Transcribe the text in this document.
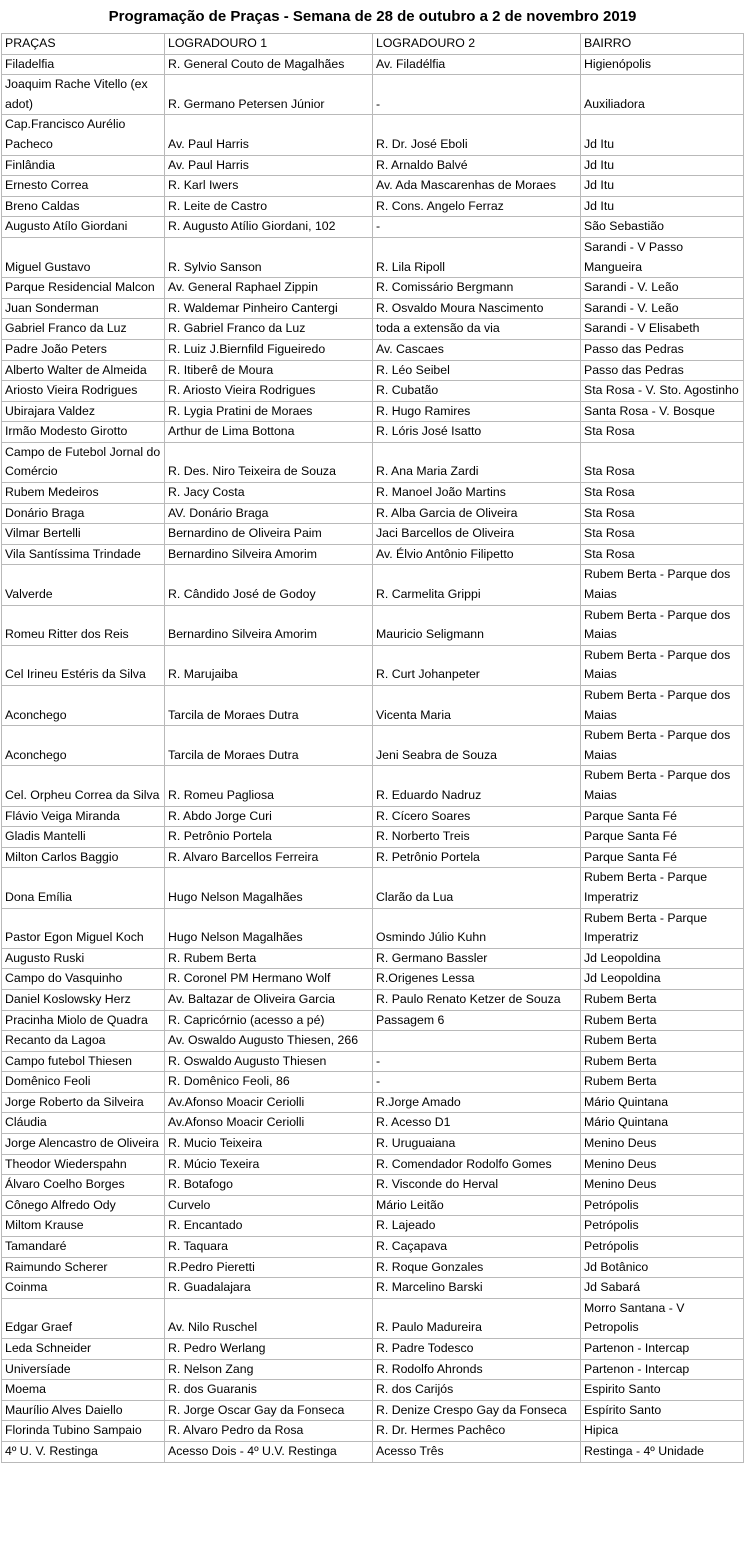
Programação de Praças - Semana de 28 de outubro a 2 de novembro 2019
PRAÇAS	LOGRADOURO 1	LOGRADOURO 2	BAIRRO
Filadelfia	R. General Couto de Magalhães	Av. Filadélfia	Higienópolis
Joaquim Rache Vitello (ex adot)	R. Germano Petersen Júnior	-	Auxiliadora
Cap.Francisco Aurélio Pacheco	Av. Paul Harris	R. Dr. José Eboli	Jd Itu
Finlândia	Av. Paul Harris	R. Arnaldo Balvé	Jd Itu
Ernesto Correa	R. Karl Iwers	Av. Ada Mascarenhas de Moraes	Jd Itu
Breno Caldas	R. Leite de Castro	R. Cons. Angelo Ferraz	Jd Itu
Augusto Atílo Giordani	R. Augusto Atílio Giordani, 102	-	São Sebastião
Miguel Gustavo	R. Sylvio Sanson	R. Lila Ripoll	Sarandi - V Passo Mangueira
Parque Residencial Malcon	Av. General Raphael Zippin	R. Comissário Bergmann	Sarandi - V. Leão
Juan Sonderman	R. Waldemar Pinheiro Cantergi	R. Osvaldo Moura Nascimento	Sarandi - V. Leão
Gabriel Franco da Luz	R. Gabriel Franco da Luz	toda a extensão da via	Sarandi - V Elisabeth
Padre João Peters	R. Luiz J.Biernfild Figueiredo	Av. Cascaes	Passo das Pedras
Alberto Walter de Almeida	R. Itiberê de Moura	R. Léo Seibel	Passo das Pedras
Ariosto Vieira Rodrigues	R. Ariosto Vieira Rodrigues	R. Cubatão	Sta Rosa - V. Sto. Agostinho
Ubirajara Valdez	R. Lygia Pratini de Moraes	R. Hugo Ramires	Santa Rosa - V. Bosque
Irmão Modesto Girotto	Arthur de Lima Bottona	R. Lóris José Isatto	Sta Rosa
Campo de Futebol Jornal do Comércio	R. Des. Niro Teixeira de Souza	R. Ana Maria Zardi	Sta Rosa
Rubem Medeiros	R. Jacy Costa	R. Manoel João Martins	Sta Rosa
Donário Braga	AV. Donário Braga	R. Alba Garcia de Oliveira	Sta Rosa
Vilmar Bertelli	Bernardino de Oliveira Paim	Jaci Barcellos de Oliveira	Sta Rosa
Vila Santíssima Trindade	Bernardino Silveira Amorim	Av. Élvio Antônio Filipetto	Sta Rosa
Valverde	R. Cândido José de Godoy	R. Carmelita Grippi	Rubem Berta - Parque dos Maias
Romeu Ritter dos Reis	Bernardino Silveira Amorim	Mauricio Seligmann	Rubem Berta - Parque dos Maias
Cel Irineu Estéris da Silva	R. Marujaiba	R. Curt Johanpeter	Rubem Berta - Parque dos Maias
Aconchego	Tarcila de Moraes Dutra	Vicenta Maria	Rubem Berta - Parque dos Maias
Aconchego	Tarcila de Moraes Dutra	Jeni Seabra de Souza	Rubem Berta - Parque dos Maias
Cel. Orpheu Correa da Silva	R. Romeu Pagliosa	R. Eduardo Nadruz	Rubem Berta - Parque dos Maias
Flávio Veiga Miranda	R. Abdo Jorge Curi	R. Cícero Soares	Parque Santa Fé
Gladis Mantelli	R. Petrônio Portela	R. Norberto Treis	Parque Santa Fé
Milton Carlos Baggio	R. Alvaro Barcellos Ferreira	R. Petrônio Portela	Parque Santa Fé
Dona Emília	Hugo Nelson Magalhães	Clarão da Lua	Rubem Berta - Parque Imperatriz
Pastor Egon Miguel Koch	Hugo Nelson Magalhães	Osmindo Júlio Kuhn	Rubem Berta - Parque Imperatriz
Augusto Ruski	R. Rubem Berta	R. Germano Bassler	Jd Leopoldina
Campo do Vasquinho	R. Coronel PM Hermano Wolf	R.Origenes Lessa	Jd Leopoldina
Daniel Koslowsky Herz	Av. Baltazar de Oliveira Garcia	R. Paulo Renato Ketzer de Souza	Rubem Berta
Pracinha Miolo de Quadra	R. Capricórnio (acesso a pé)	Passagem 6	Rubem Berta
Recanto da Lagoa	Av. Oswaldo Augusto Thiesen, 266		Rubem Berta
Campo futebol Thiesen	R. Oswaldo Augusto Thiesen	-	Rubem Berta
Domênico Feoli	R. Domênico Feoli, 86	-	Rubem Berta
Jorge Roberto da Silveira	Av.Afonso Moacir Ceriolli	R.Jorge Amado	Mário Quintana
Cláudia	Av.Afonso Moacir Ceriolli	R. Acesso D1	Mário Quintana
Jorge Alencastro de Oliveira	R. Mucio Teixeira	R. Uruguaiana	Menino Deus
Theodor Wiederspahn	R. Múcio Texeira	R. Comendador Rodolfo Gomes	Menino Deus
Álvaro Coelho Borges	R. Botafogo	R. Visconde do Herval	Menino Deus
Cônego Alfredo Ody	Curvelo	Mário Leitão	Petrópolis
Miltom Krause	R. Encantado	R. Lajeado	Petrópolis
Tamandaré	R. Taquara	R. Caçapava	Petrópolis
Raimundo Scherer	R.Pedro Pieretti	R. Roque Gonzales	Jd Botânico
Coinma	R. Guadalajara	R. Marcelino Barski	Jd Sabará
Edgar Graef	Av. Nilo Ruschel	R. Paulo Madureira	Morro Santana - V Petropolis
Leda Schneider	R. Pedro Werlang	R. Padre Todesco	Partenon - Intercap
Universíade	R. Nelson Zang	R. Rodolfo Ahronds	Partenon - Intercap
Moema	R. dos Guaranis	R. dos Carijós	Espirito Santo
Maurílio Alves Daiello	R. Jorge Oscar Gay da Fonseca	R. Denize Crespo Gay da Fonseca	Espírito Santo
Florinda Tubino Sampaio	R. Alvaro Pedro da Rosa	R. Dr. Hermes Pachêco	Hipica
4º U. V. Restinga	Acesso Dois - 4º U.V. Restinga	Acesso Três	Restinga - 4º Unidade
